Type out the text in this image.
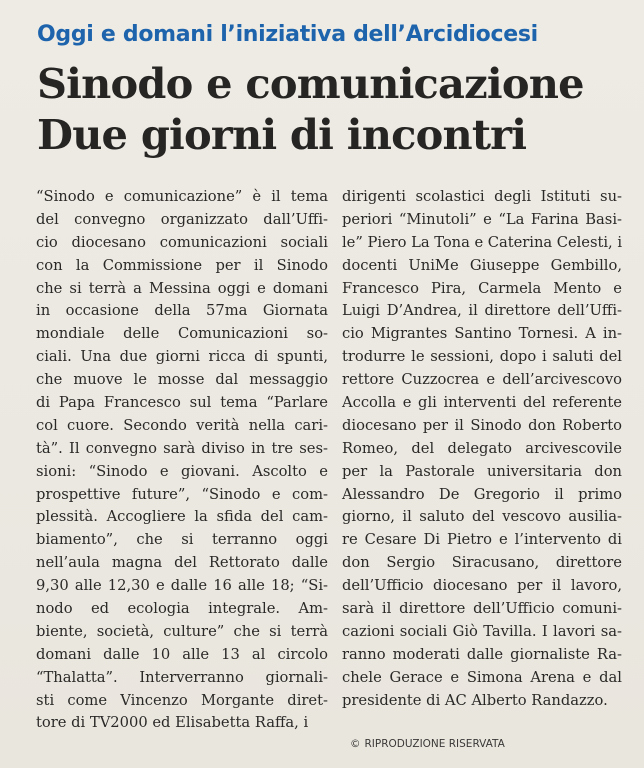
Oggi e domani l’iniziativa dell’Arcidiocesi
Sinodo e comunicazione
Due giorni di incontri
“Sinodo e comunicazione” è il tema
del convegno organizzato dall’Uffi-
cio diocesano comunicazioni sociali
con la Commissione per il Sinodo
che si terrà a Messina oggi e domani
in occasione della 57ma Giornata
mondiale delle Comunicazioni so-
ciali. Una due giorni ricca di spunti,
che muove le mosse dal messaggio
di Papa Francesco sul tema “Parlare
col cuore. Secondo verità nella cari-
tà”. Il convegno sarà diviso in tre ses-
sioni: “Sinodo e giovani. Ascolto e
prospettive future”, “Sinodo e com-
plessità. Accogliere la sfida del cam-
biamento”, che si terranno oggi
nell’aula magna del Rettorato dalle
9,30 alle 12,30 e dalle 16 alle 18; “Si-
nodo ed ecologia integrale. Am-
biente, società, culture” che si terrà
domani dalle 10 alle 13 al circolo
“Thalatta”. Interverranno giornali-
sti come Vincenzo Morgante diret-
tore di TV2000 ed Elisabetta Raffa, i
dirigenti scolastici degli Istituti su-
periori “Minutoli” e “La Farina Basi-
le” Piero La Tona e Caterina Celesti, i
docenti UniMe Giuseppe Gembillo,
Francesco Pira, Carmela Mento e
Luigi D’Andrea, il direttore dell’Uffi-
cio Migrantes Santino Tornesi. A in-
trodurre le sessioni, dopo i saluti del
rettore Cuzzocrea e dell’arcivescovo
Accolla e gli interventi del referente
diocesano per il Sinodo don Roberto
Romeo, del delegato arcivescovile
per la Pastorale universitaria don
Alessandro De Gregorio il primo
giorno, il saluto del vescovo ausilia-
re Cesare Di Pietro e l’intervento di
don Sergio Siracusano, direttore
dell’Ufficio diocesano per il lavoro,
sarà il direttore dell’Ufficio comuni-
cazioni sociali Giò Tavilla. I lavori sa-
ranno moderati dalle giornaliste Ra-
chele Gerace e Simona Arena e dal
presidente di AC Alberto Randazzo.
© RIPRODUZIONE RISERVATA
